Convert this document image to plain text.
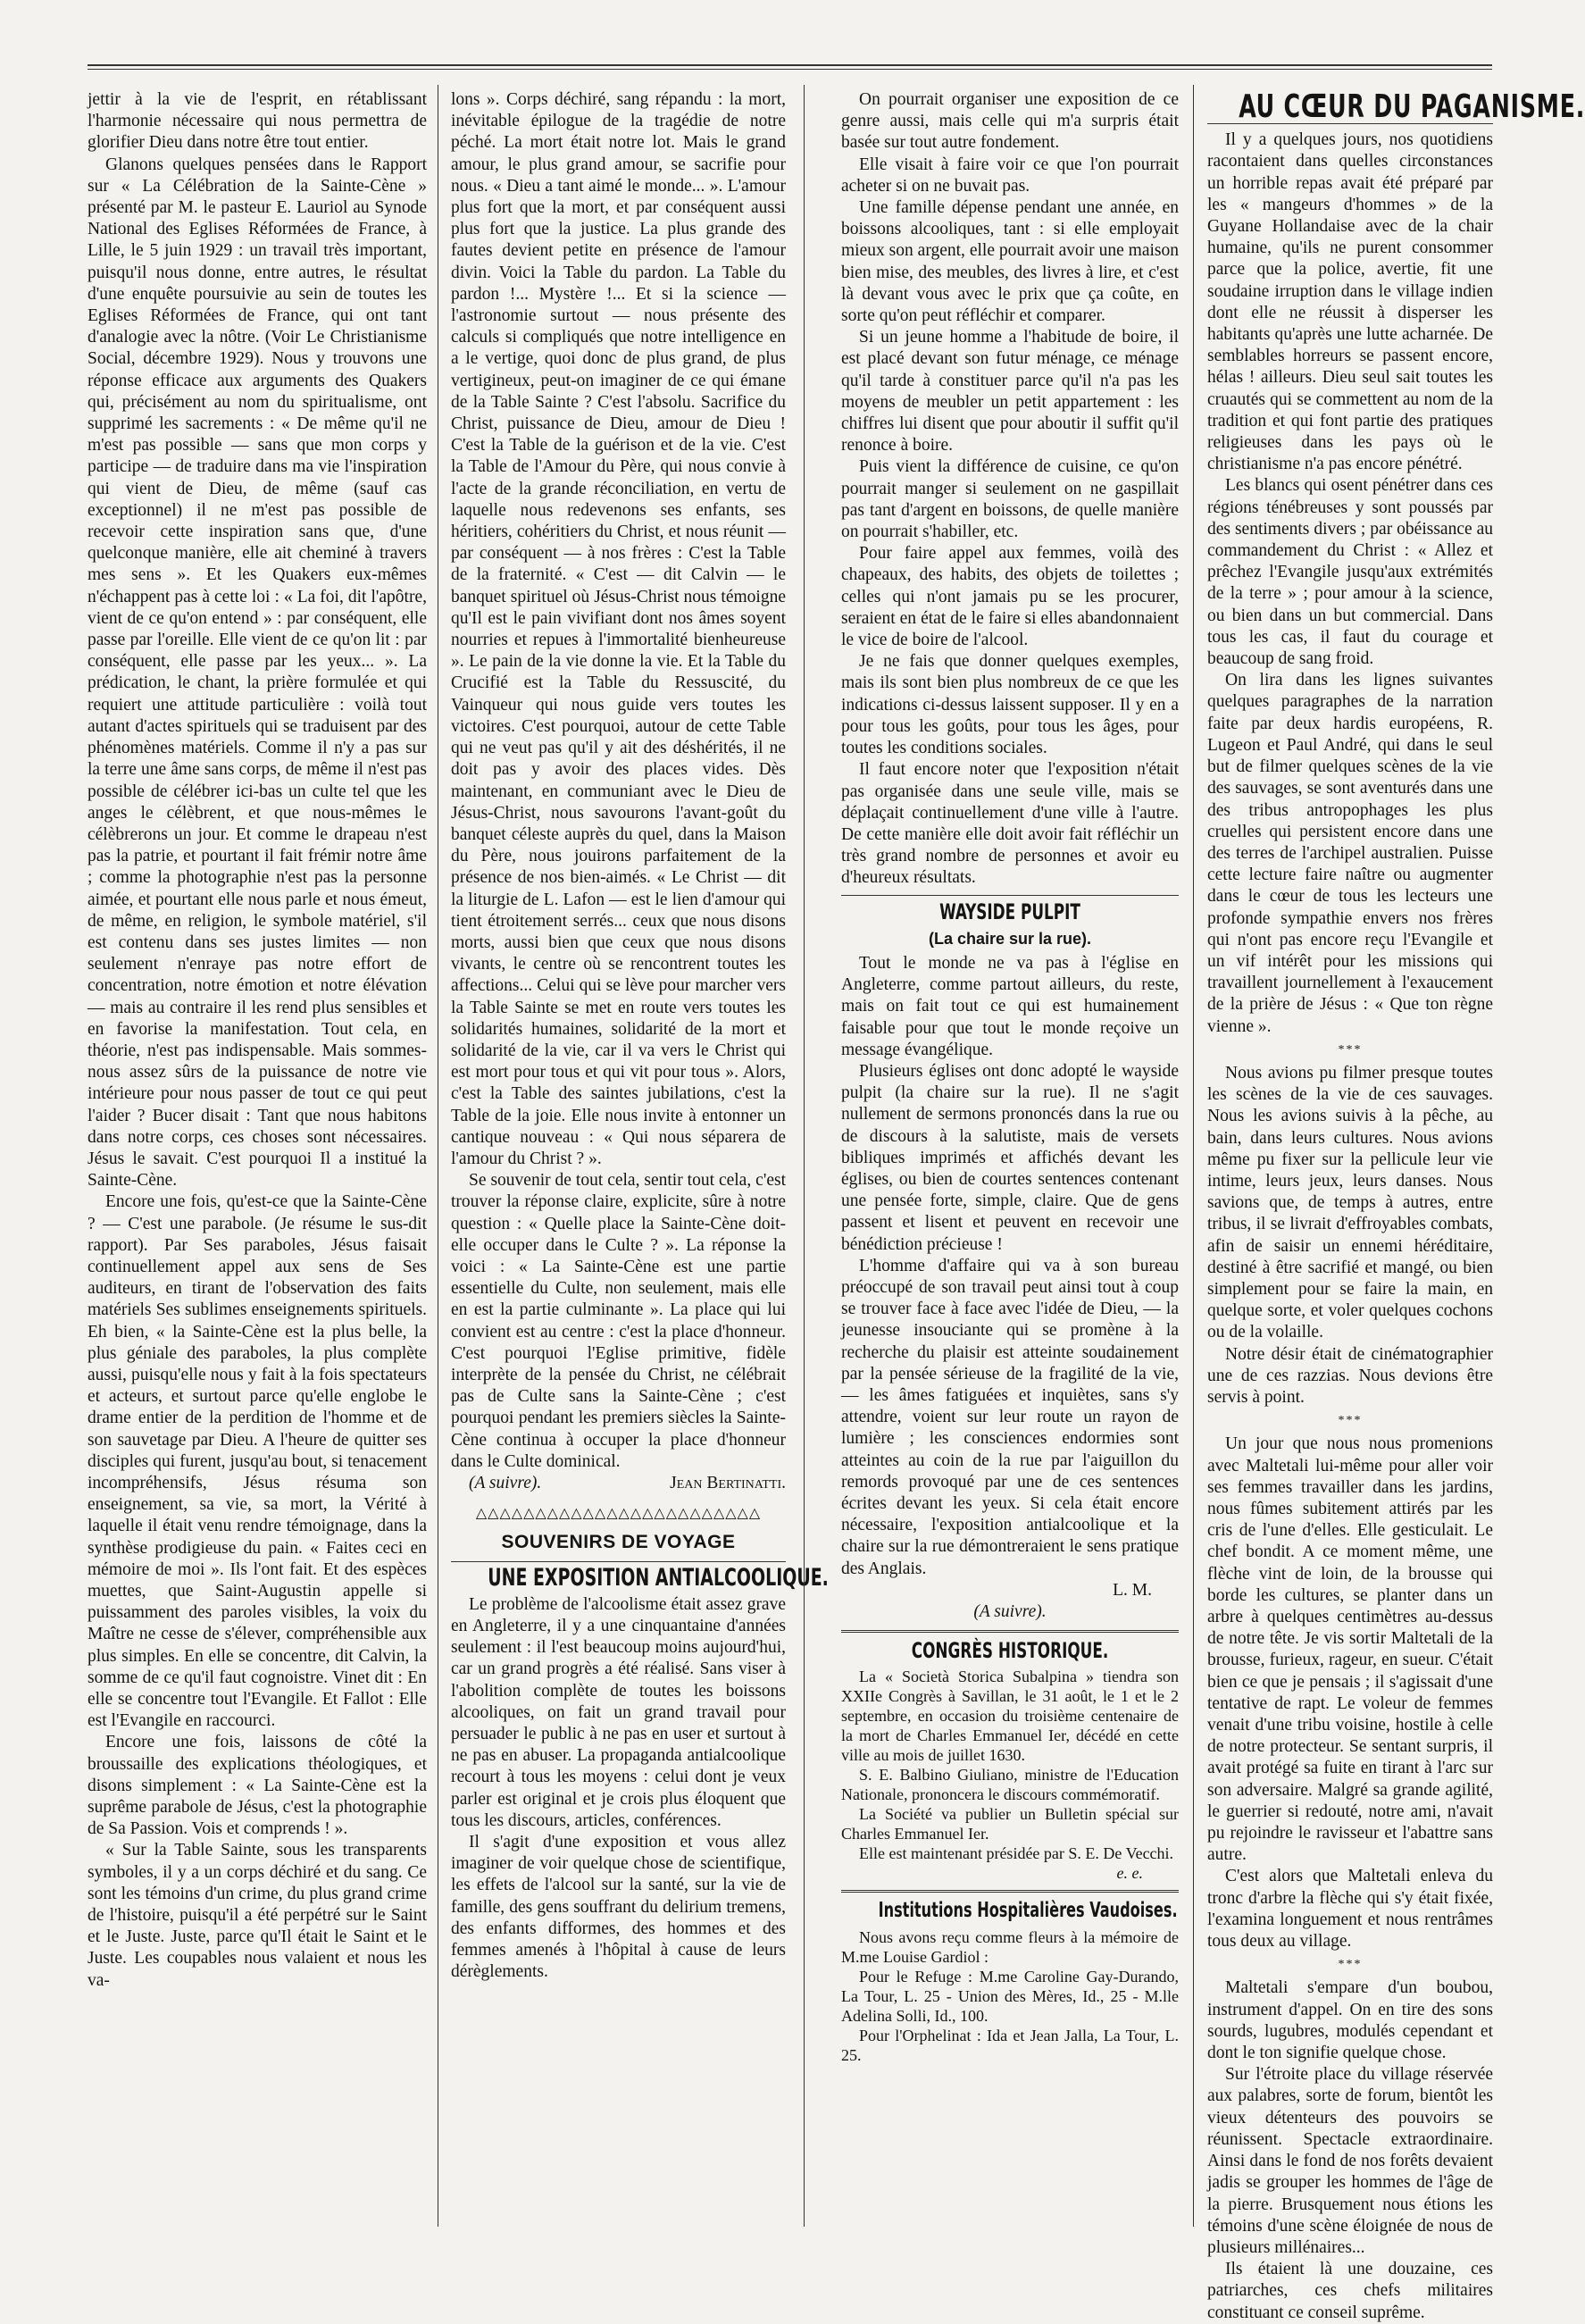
jettir à la vie de l'esprit, en rétablissant l'harmonie nécessaire qui nous permettra de glorifier Dieu dans notre être tout entier.

Glanons quelques pensées dans le Rapport sur « La Célébration de la Sainte-Cène » présenté par M. le pasteur E. Lauriol au Synode National des Eglises Réformées de France, à Lille, le 5 juin 1929 : un travail très important, puisqu'il nous donne, entre autres, le résultat d'une enquête poursuivie au sein de toutes les Eglises Réformées de France, qui ont tant d'analogie avec la nôtre. (Voir Le Christianisme Social, décembre 1929). Nous y trouvons une réponse efficace aux arguments des Quakers qui, précisément au nom du spiritualisme, ont supprimé les sacrements : « De même qu'il ne m'est pas possible — sans que mon corps y participe — de traduire dans ma vie l'inspiration qui vient de Dieu, de même (sauf cas exceptionnel) il ne m'est pas possible de recevoir cette inspiration sans que, d'une quelconque manière, elle ait cheminé à travers mes sens ». Et les Quakers eux-mêmes n'échappent pas à cette loi : « La foi, dit l'apôtre, vient de ce qu'on entend » : par conséquent, elle passe par l'oreille. Elle vient de ce qu'on lit : par conséquent, elle passe par les yeux... ». La prédication, le chant, la prière formulée et qui requiert une attitude particulière : voilà tout autant d'actes spirituels qui se traduisent par des phénomènes matériels. Comme il n'y a pas sur la terre une âme sans corps, de même il n'est pas possible de célébrer ici-bas un culte tel que les anges le célèbrent, et que nous-mêmes le célèbrerons un jour. Et comme le drapeau n'est pas la patrie, et pourtant il fait frémir notre âme ; comme la photographie n'est pas la personne aimée, et pourtant elle nous parle et nous émeut, de même, en religion, le symbole matériel, s'il est contenu dans ses justes limites — non seulement n'enraye pas notre effort de concentration, notre émotion et notre élévation — mais au contraire il les rend plus sensibles et en favorise la manifestation. Tout cela, en théorie, n'est pas indispensable. Mais sommes-nous assez sûrs de la puissance de notre vie intérieure pour nous passer de tout ce qui peut l'aider ? Bucer disait : Tant que nous habitons dans notre corps, ces choses sont nécessaires. Jésus le savait. C'est pourquoi Il a institué la Sainte-Cène.

Encore une fois, qu'est-ce que la Sainte-Cène ? — C'est une parabole. (Je résume le sus-dit rapport). Par Ses paraboles, Jésus faisait continuellement appel aux sens de Ses auditeurs, en tirant de l'observation des faits matériels Ses sublimes enseignements spirituels. Eh bien, « la Sainte-Cène est la plus belle, la plus géniale des paraboles, la plus complète aussi, puisqu'elle nous y fait à la fois spectateurs et acteurs, et surtout parce qu'elle englobe le drame entier de la perdition de l'homme et de son sauvetage par Dieu. A l'heure de quitter ses disciples qui furent, jusqu'au bout, si tenacement incompréhensifs, Jésus résuma son enseignement, sa vie, sa mort, la Vérité à laquelle il était venu rendre témoignage, dans la synthèse prodigieuse du pain. « Faites ceci en mémoire de moi ». Ils l'ont fait. Et des espèces muettes, que Saint-Augustin appelle si puissamment des paroles visibles, la voix du Maître ne cesse de s'élever, compréhensible aux plus simples. En elle se concentre, dit Calvin, la somme de ce qu'il faut cognoistre. Vinet dit : En elle se concentre tout l'Evangile. Et Fallot : Elle est l'Evangile en raccourci.

Encore une fois, laissons de côté la broussaille des explications théologiques, et disons simplement : « La Sainte-Cène est la suprême parabole de Jésus, c'est la photographie de Sa Passion. Vois et comprends ! ».

« Sur la Table Sainte, sous les transparents symboles, il y a un corps déchiré et du sang. Ce sont les témoins d'un crime, du plus grand crime de l'histoire, puisqu'il a été perpétré sur le Saint et le Juste. Juste, parce qu'Il était le Saint et le Juste. Les coupables nous valaient et nous les va-

lons ». Corps déchiré, sang répandu : la mort, inévitable épilogue de la tragédie de notre péché. La mort était notre lot. Mais le grand amour, le plus grand amour, se sacrifie pour nous. « Dieu a tant aimé le monde... ». L'amour plus fort que la mort, et par conséquent aussi plus fort que la justice. La plus grande des fautes devient petite en présence de l'amour divin. Voici la Table du pardon. La Table du pardon !... Mystère !... Et si la science — l'astronomie surtout — nous présente des calculs si compliqués que notre intelligence en a le vertige, quoi donc de plus grand, de plus vertigineux, peut-on imaginer de ce qui émane de la Table Sainte ? C'est l'absolu. Sacrifice du Christ, puissance de Dieu, amour de Dieu ! C'est la Table de la guérison et de la vie. C'est la Table de l'Amour du Père, qui nous convie à l'acte de la grande réconciliation, en vertu de laquelle nous redevenons ses enfants, ses héritiers, cohéritiers du Christ, et nous réunit — par conséquent — à nos frères : C'est la Table de la fraternité. « C'est — dit Calvin — le banquet spirituel où Jésus-Christ nous témoigne qu'Il est le pain vivifiant dont nos âmes soyent nourries et repues à l'immortalité bienheureuse ». Le pain de la vie donne la vie. Et la Table du Crucifié est la Table du Ressuscité, du Vainqueur qui nous guide vers toutes les victoires. C'est pourquoi, autour de cette Table qui ne veut pas qu'il y ait des déshérités, il ne doit pas y avoir des places vides. Dès maintenant, en communiant avec le Dieu de Jésus-Christ, nous savourons l'avant-goût du banquet céleste auprès du quel, dans la Maison du Père, nous jouirons parfaitement de la présence de nos bien-aimés. « Le Christ — dit la liturgie de L. Lafon — est le lien d'amour qui tient étroitement serrés... ceux que nous disons morts, aussi bien que ceux que nous disons vivants, le centre où se rencontrent toutes les affections... Celui qui se lève pour marcher vers la Table Sainte se met en route vers toutes les solidarités humaines, solidarité de la mort et solidarité de la vie, car il va vers le Christ qui est mort pour tous et qui vit pour tous ». Alors, c'est la Table des saintes jubilations, c'est la Table de la joie. Elle nous invite à entonner un cantique nouveau : « Qui nous séparera de l'amour du Christ ? ».

Se souvenir de tout cela, sentir tout cela, c'est trouver la réponse claire, explicite, sûre à notre question : « Quelle place la Sainte-Cène doit-elle occuper dans le Culte ? ». La réponse la voici : « La Sainte-Cène est une partie essentielle du Culte, non seulement, mais elle en est la partie culminante ». La place qui lui convient est au centre : c'est la place d'honneur. C'est pourquoi l'Eglise primitive, fidèle interprète de la pensée du Christ, ne célébrait pas de Culte sans la Sainte-Cène ; c'est pourquoi pendant les premiers siècles la Sainte-Cène continua à occuper la place d'honneur dans le Culte dominical.

(A suivre).	Jean Bertinatti.
△△△△△△△△△△△△△△△△△△△△△△△△
SOUVENIRS DE VOYAGE
UNE EXPOSITION ANTIALCOOLIQUE.

Le problème de l'alcoolisme était assez grave en Angleterre, il y a une cinquantaine d'années seulement : il l'est beaucoup moins aujourd'hui, car un grand progrès a été réalisé. Sans viser à l'abolition complète de toutes les boissons alcooliques, on fait un grand travail pour persuader le public à ne pas en user et surtout à ne pas en abuser. La propaganda antialcoolique recourt à tous les moyens : celui dont je veux parler est original et je crois plus éloquent que tous les discours, articles, conférences.

Il s'agit d'une exposition et vous allez imaginer de voir quelque chose de scientifique, les effets de l'alcool sur la santé, sur la vie de famille, des gens souffrant du delirium tremens, des enfants difformes, des hommes et des femmes amenés à l'hôpital à cause de leurs dérèglements.

On pourrait organiser une exposition de ce genre aussi, mais celle qui m'a surpris était basée sur tout autre fondement.

Elle visait à faire voir ce que l'on pourrait acheter si on ne buvait pas.

Une famille dépense pendant une année, en boissons alcooliques, tant : si elle employait mieux son argent, elle pourrait avoir une maison bien mise, des meubles, des livres à lire, et c'est là devant vous avec le prix que ça coûte, en sorte qu'on peut réfléchir et comparer.

Si un jeune homme a l'habitude de boire, il est placé devant son futur ménage, ce ménage qu'il tarde à constituer parce qu'il n'a pas les moyens de meubler un petit appartement : les chiffres lui disent que pour aboutir il suffit qu'il renonce à boire.

Puis vient la différence de cuisine, ce qu'on pourrait manger si seulement on ne gaspillait pas tant d'argent en boissons, de quelle manière on pourrait s'habiller, etc.

Pour faire appel aux femmes, voilà des chapeaux, des habits, des objets de toilettes ; celles qui n'ont jamais pu se les procurer, seraient en état de le faire si elles abandonnaient le vice de boire de l'alcool.

Je ne fais que donner quelques exemples, mais ils sont bien plus nombreux de ce que les indications ci-dessus laissent supposer. Il y en a pour tous les goûts, pour tous les âges, pour toutes les conditions sociales.

Il faut encore noter que l'exposition n'était pas organisée dans une seule ville, mais se déplaçait continuellement d'une ville à l'autre. De cette manière elle doit avoir fait réfléchir un très grand nombre de personnes et avoir eu d'heureux résultats.

WAYSIDE PULPIT
(La chaire sur la rue).

Tout le monde ne va pas à l'église en Angleterre, comme partout ailleurs, du reste, mais on fait tout ce qui est humainement faisable pour que tout le monde reçoive un message évangélique.

Plusieurs églises ont donc adopté le wayside pulpit (la chaire sur la rue). Il ne s'agit nullement de sermons prononcés dans la rue ou de discours à la salutiste, mais de versets bibliques imprimés et affichés devant les églises, ou bien de courtes sentences contenant une pensée forte, simple, claire. Que de gens passent et lisent et peuvent en recevoir une bénédiction précieuse !

L'homme d'affaire qui va à son bureau préoccupé de son travail peut ainsi tout à coup se trouver face à face avec l'idée de Dieu, — la jeunesse insouciante qui se promène à la recherche du plaisir est atteinte soudainement par la pensée sérieuse de la fragilité de la vie, — les âmes fatiguées et inquiètes, sans s'y attendre, voient sur leur route un rayon de lumière ; les consciences endormies sont atteintes au coin de la rue par l'aiguillon du remords provoqué par une de ces sentences écrites devant les yeux. Si cela était encore nécessaire, l'exposition antialcoolique et la chaire sur la rue démontreraient le sens pratique des Anglais.

L. M.
(A suivre).
CONGRÈS HISTORIQUE.

La « Società Storica Subalpina » tiendra son XXIIe Congrès à Savillan, le 31 août, le 1 et le 2 septembre, en occasion du troisième centenaire de la mort de Charles Emmanuel Ier, décédé en cette ville au mois de juillet 1630.

S. E. Balbino Giuliano, ministre de l'Education Nationale, prononcera le discours commémoratif.

La Société va publier un Bulletin spécial sur Charles Emmanuel Ier.

Elle est maintenant présidée par S. E. De Vecchi.

e. e.
Institutions Hospitalières Vaudoises.

Nous avons reçu comme fleurs à la mémoire de M.me Louise Gardiol :

Pour le Refuge : M.me Caroline Gay-Durando, La Tour, L. 25 - Union des Mères, Id., 25 - M.lle Adelina Solli, Id., 100.

Pour l'Orphelinat : Ida et Jean Jalla, La Tour, L. 25.

AU CŒUR DU PAGANISME.

Il y a quelques jours, nos quotidiens racontaient dans quelles circonstances un horrible repas avait été préparé par les « mangeurs d'hommes » de la Guyane Hollandaise avec de la chair humaine, qu'ils ne purent consommer parce que la police, avertie, fit une soudaine irruption dans le village indien dont elle ne réussit à disperser les habitants qu'après une lutte acharnée. De semblables horreurs se passent encore, hélas ! ailleurs. Dieu seul sait toutes les cruautés qui se commettent au nom de la tradition et qui font partie des pratiques religieuses dans les pays où le christianisme n'a pas encore pénétré.

Les blancs qui osent pénétrer dans ces régions ténébreuses y sont poussés par des sentiments divers ; par obéissance au commandement du Christ : « Allez et prêchez l'Evangile jusqu'aux extrémités de la terre » ; pour amour à la science, ou bien dans un but commercial. Dans tous les cas, il faut du courage et beaucoup de sang froid.

On lira dans les lignes suivantes quelques paragraphes de la narration faite par deux hardis européens, R. Lugeon et Paul André, qui dans le seul but de filmer quelques scènes de la vie des sauvages, se sont aventurés dans une des tribus antropophages les plus cruelles qui persistent encore dans une des terres de l'archipel australien. Puisse cette lecture faire naître ou augmenter dans le cœur de tous les lecteurs une profonde sympathie envers nos frères qui n'ont pas encore reçu l'Evangile et un vif intérêt pour les missions qui travaillent journellement à l'exaucement de la prière de Jésus : « Que ton règne vienne ».

***

Nous avions pu filmer presque toutes les scènes de la vie de ces sauvages. Nous les avions suivis à la pêche, au bain, dans leurs cultures. Nous avions même pu fixer sur la pellicule leur vie intime, leurs jeux, leurs danses. Nous savions que, de temps à autres, entre tribus, il se livrait d'effroyables combats, afin de saisir un ennemi héréditaire, destiné à être sacrifié et mangé, ou bien simplement pour se faire la main, en quelque sorte, et voler quelques cochons ou de la volaille.

Notre désir était de cinématographier une de ces razzias. Nous devions être servis à point.

***

Un jour que nous nous promenions avec Maltetali lui-même pour aller voir ses femmes travailler dans les jardins, nous fûmes subitement attirés par les cris de l'une d'elles. Elle gesticulait. Le chef bondit. A ce moment même, une flèche vint de loin, de la brousse qui borde les cultures, se planter dans un arbre à quelques centimètres au-dessus de notre tête. Je vis sortir Maltetali de la brousse, furieux, rageur, en sueur. C'était bien ce que je pensais ; il s'agissait d'une tentative de rapt. Le voleur de femmes venait d'une tribu voisine, hostile à celle de notre protecteur. Se sentant surpris, il avait protégé sa fuite en tirant à l'arc sur son adversaire. Malgré sa grande agilité, le guerrier si redouté, notre ami, n'avait pu rejoindre le ravisseur et l'abattre sans autre.

C'est alors que Maltetali enleva du tronc d'arbre la flèche qui s'y était fixée, l'examina longuement et nous rentrâmes tous deux au village.

***

Maltetali s'empare d'un boubou, instrument d'appel. On en tire des sons sourds, lugubres, modulés cependant et dont le ton signifie quelque chose.

Sur l'étroite place du village réservée aux palabres, sorte de forum, bientôt les vieux détenteurs des pouvoirs se réunissent. Spectacle extraordinaire. Ainsi dans le fond de nos forêts devaient jadis se grouper les hommes de l'âge de la pierre. Brusquement nous étions les témoins d'une scène éloignée de nous de plusieurs millénaires...

Ils étaient là une douzaine, ces patriarches, ces chefs militaires constituant ce conseil suprême.
